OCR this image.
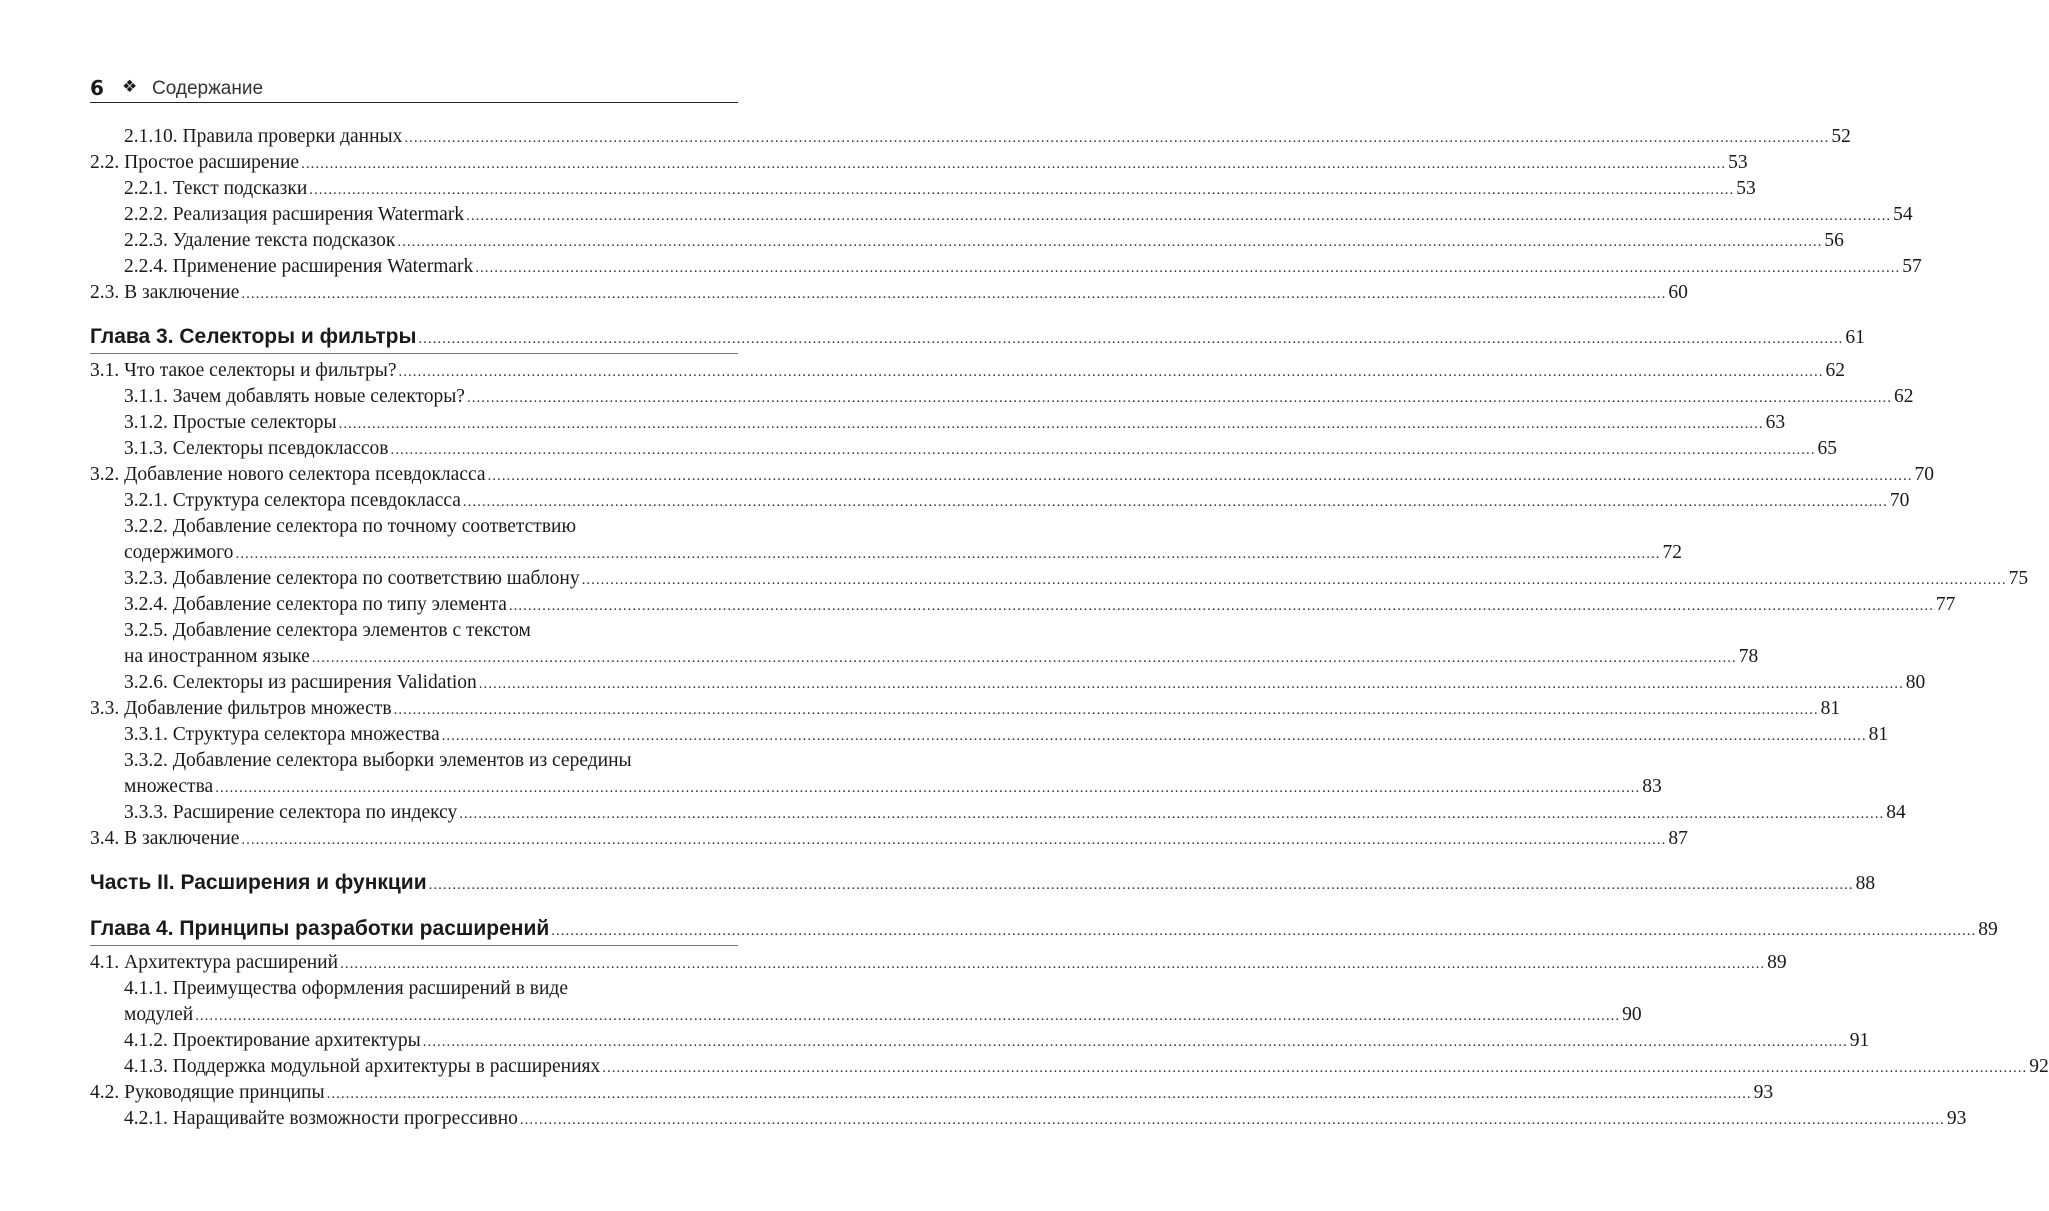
6 ❖ Содержание
2.1.10. Правила проверки данных ............................................................................................................................................................................................................................................................................................................ 52
2.2. Простое расширение ............................................................................................................................................................................................................................................................................................................ 53
2.2.1. Текст подсказки ............................................................................................................................................................................................................................................................................................................ 53
2.2.2. Реализация расширения Watermark ............................................................................................................................................................................................................................................................................................................ 54
2.2.3. Удаление текста подсказок ............................................................................................................................................................................................................................................................................................................ 56
2.2.4. Применение расширения Watermark ............................................................................................................................................................................................................................................................................................................ 57
2.3. В заключение ............................................................................................................................................................................................................................................................................................................ 60
Глава 3. Селекторы и фильтры ............................................................................................................................................................................................................................................................................................................ 61
3.1. Что такое селекторы и фильтры? ............................................................................................................................................................................................................................................................................................................ 62
3.1.1. Зачем добавлять новые селекторы? ............................................................................................................................................................................................................................................................................................................ 62
3.1.2. Простые селекторы ............................................................................................................................................................................................................................................................................................................ 63
3.1.3. Селекторы псевдоклассов ............................................................................................................................................................................................................................................................................................................ 65
3.2. Добавление нового селектора псевдокласса ............................................................................................................................................................................................................................................................................................................ 70
3.2.1. Структура селектора псевдокласса ............................................................................................................................................................................................................................................................................................................ 70
3.2.2. Добавление селектора по точному соответствию
содержимого ............................................................................................................................................................................................................................................................................................................ 72
3.2.3. Добавление селектора по соответствию шаблону ............................................................................................................................................................................................................................................................................................................ 75
3.2.4. Добавление селектора по типу элемента ............................................................................................................................................................................................................................................................................................................ 77
3.2.5. Добавление селектора элементов с текстом
на иностранном языке ............................................................................................................................................................................................................................................................................................................ 78
3.2.6. Селекторы из расширения Validation ............................................................................................................................................................................................................................................................................................................ 80
3.3. Добавление фильтров множеств ............................................................................................................................................................................................................................................................................................................ 81
3.3.1. Структура селектора множества ............................................................................................................................................................................................................................................................................................................ 81
3.3.2. Добавление селектора выборки элементов из середины
множества ............................................................................................................................................................................................................................................................................................................ 83
3.3.3. Расширение селектора по индексу ............................................................................................................................................................................................................................................................................................................ 84
3.4. В заключение ............................................................................................................................................................................................................................................................................................................ 87
Часть II. Расширения и функции ............................................................................................................................................................................................................................................................................................................ 88
Глава 4. Принципы разработки расширений ............................................................................................................................................................................................................................................................................................................ 89
4.1. Архитектура расширений ............................................................................................................................................................................................................................................................................................................ 89
4.1.1. Преимущества оформления расширений в виде
модулей ............................................................................................................................................................................................................................................................................................................ 90
4.1.2. Проектирование архитектуры ............................................................................................................................................................................................................................................................................................................ 91
4.1.3. Поддержка модульной архитектуры в расширениях ............................................................................................................................................................................................................................................................................................................ 92
4.2. Руководящие принципы ............................................................................................................................................................................................................................................................................................................ 93
4.2.1. Наращивайте возможности прогрессивно ............................................................................................................................................................................................................................................................................................................ 93
